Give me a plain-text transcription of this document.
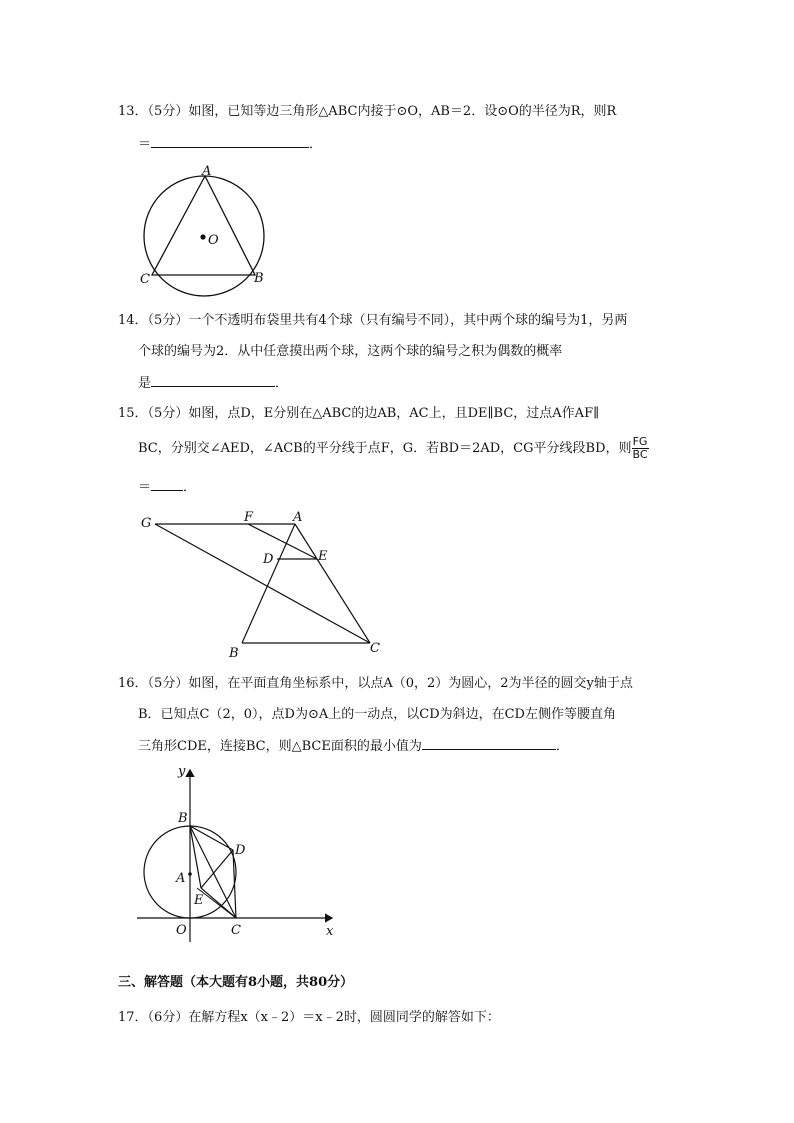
13．（5分）如图，已知等边三角形△ABC内接于⊙O，AB＝2．设⊙O的半径为R，则R
＝	．
A
O
C	B
14．（5分）一个不透明布袋里共有4个球（只有编号不同），其中两个球的编号为1，另两
个球的编号为2．从中任意摸出两个球，这两个球的编号之积为偶数的概率
是	．
15．（5分）如图，点D，E分别在△ABC的边AB，AC上，且DE∥BC，过点A作AF∥
BC，分别交∠AED，∠ACB的平分线于点F，G．若BD＝2AD，CG平分线段BD，则 $\frac{FG}{BC}$
＝ ．
G	F	A
D	E
B	C
16．（5分）如图，在平面直角坐标系中，以点A（0，2）为圆心，2为半径的圆交y轴于点
B．已知点C（2，0），点D为⊙A上的一动点，以CD为斜边，在CD左侧作等腰直角
三角形CDE，连接BC，则△BCE面积的最小值为	．
y
x
B
A
D
E
O	C
三、解答题（本大题有8小题，共80分）
17．（6分）在解方程x（x﹣2）＝x﹣2时，圆圆同学的解答如下：
